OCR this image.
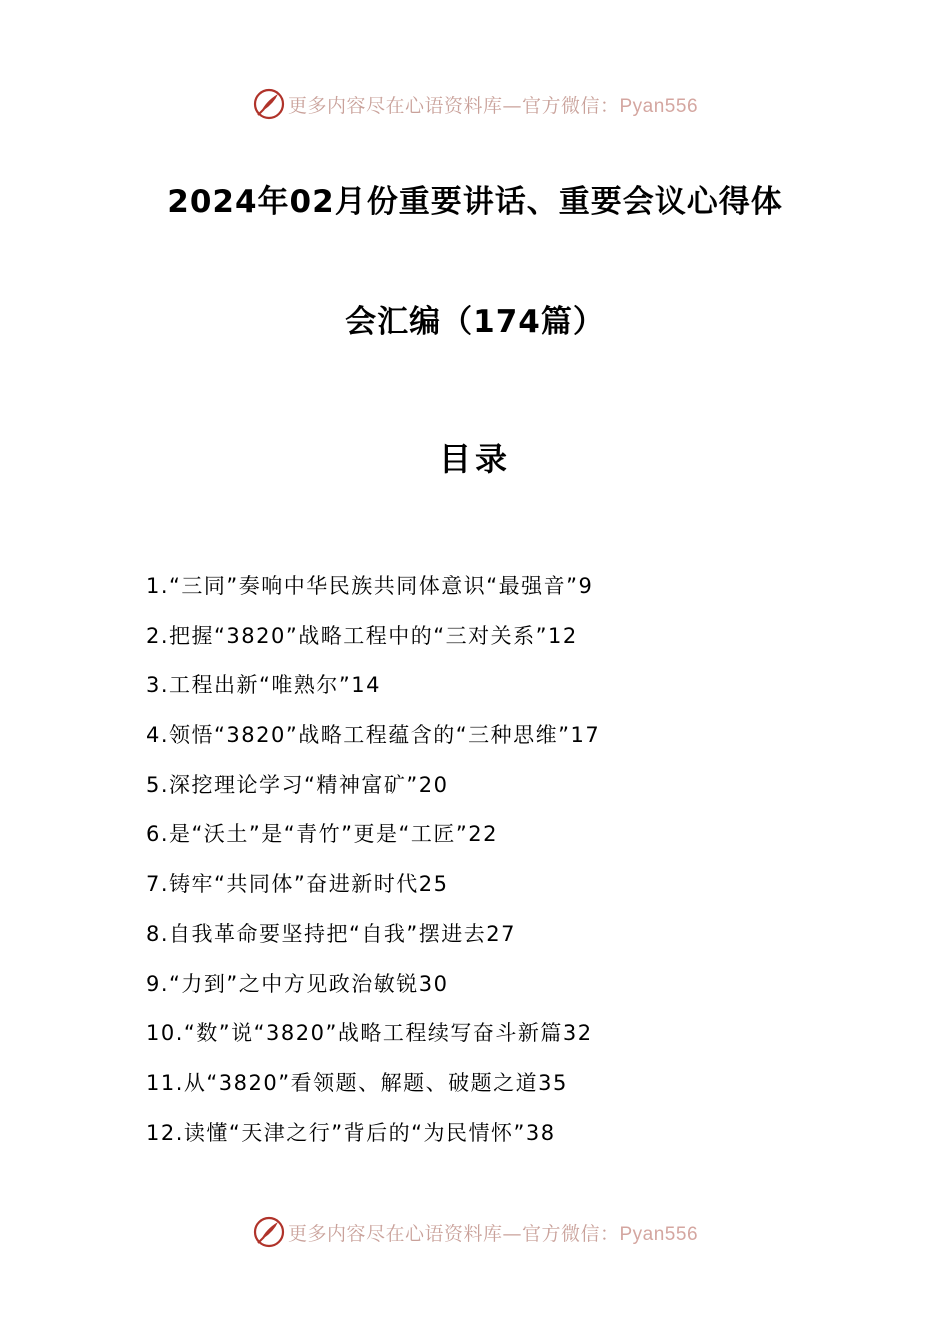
更多内容尽在心语资料库—官方微信：Pyan556
2024年02月份重要讲话、重要会议心得体
会汇编（174篇）
目录
1.“三同”奏响中华民族共同体意识“最强音”9
2.把握“3820”战略工程中的“三对关系”12
3.工程出新“唯熟尔”14
4.领悟“3820”战略工程蕴含的“三种思维”17
5.深挖理论学习“精神富矿”20
6.是“沃土”是“青竹”更是“工匠”22
7.铸牢“共同体”奋进新时代25
8.自我革命要坚持把“自我”摆进去27
9.“力到”之中方见政治敏锐30
10.“数”说“3820”战略工程续写奋斗新篇32
11.从“3820”看领题、解题、破题之道35
12.读懂“天津之行”背后的“为民情怀”38
更多内容尽在心语资料库—官方微信：Pyan556
